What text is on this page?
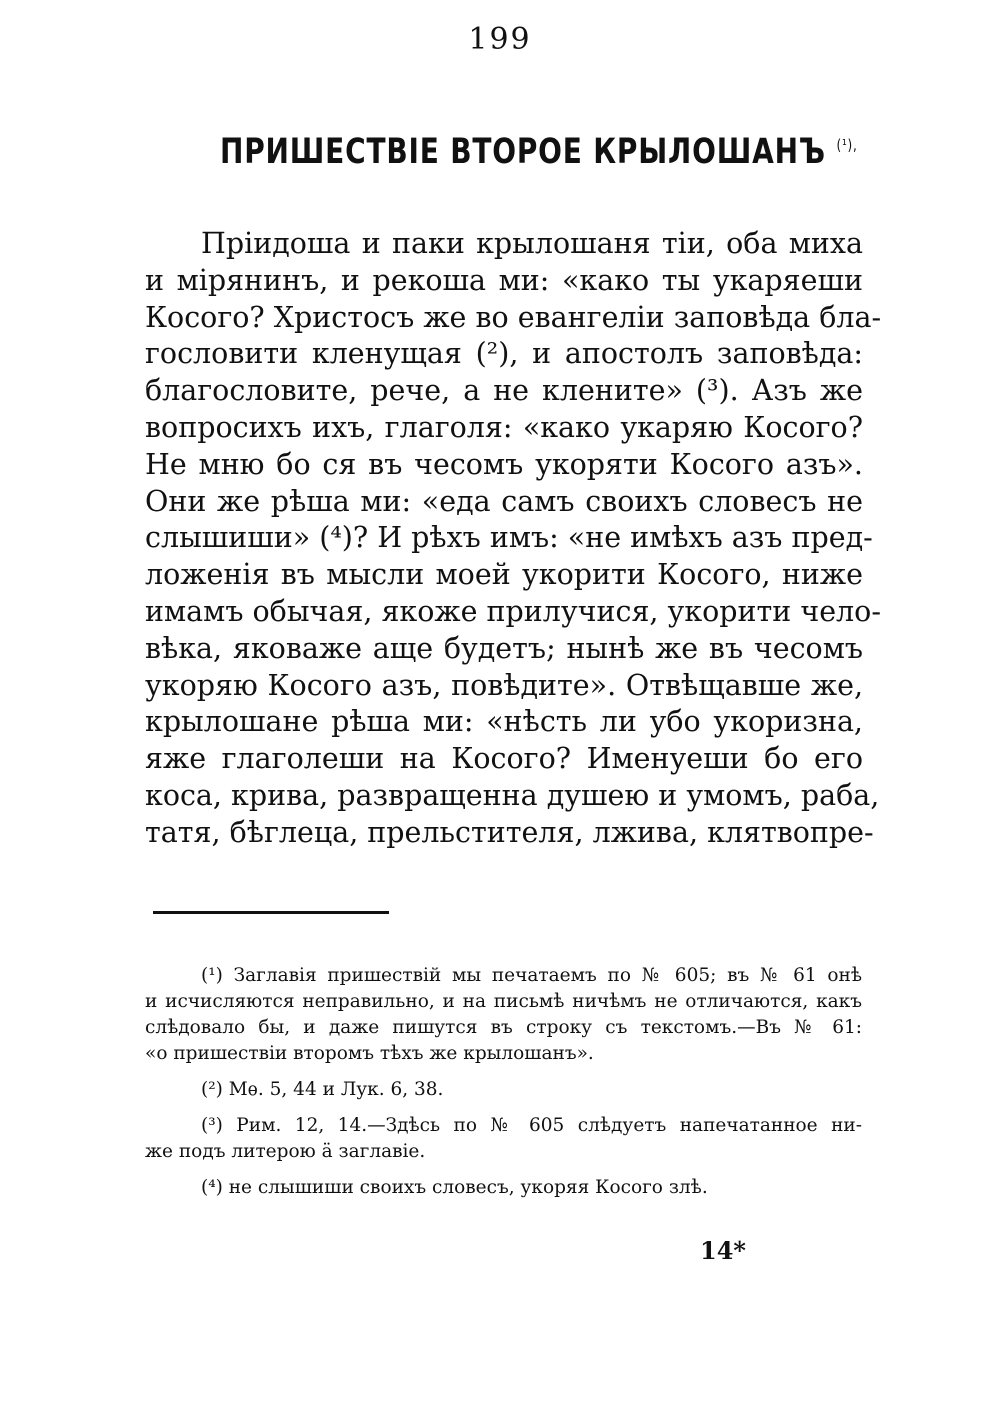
199
ПРИШЕСТВІЕ ВТОРОЕ КРЫЛОШАНЪ $^{(^1),}$
Пріидоша и паки крылошаня тіи, оба миха
и мірянинъ, и рекоша ми: «како ты укаряеши
Косого? Христосъ же во евангеліи заповѣда бла-
гословити кленущая (²), и апостолъ заповѣда:
благословите, рече, а не клените» (³). Азъ же
вопросихъ ихъ, глаголя: «како укаряю Косого?
Не мню бо ся въ чесомъ укоряти Косого азъ».
Они же рѣша ми: «еда самъ своихъ словесъ не
слышиши» (⁴)? И рѣхъ имъ: «не имѣхъ азъ пред-
ложенія въ мысли моей укорити Косого, ниже
имамъ обычая, якоже прилучися, укорити чело-
вѣка, яковаже аще будетъ; нынѣ же въ чесомъ
укоряю Косого азъ, повѣдите». Отвѣщавше же,
крылошане рѣша ми: «нѣсть ли убо укоризна,
яже глаголеши на Косого? Именуеши бо его
коса, крива, развращенна душею и умомъ, раба,
татя, бѣглеца, прельстителя, лжива, клятвопре-
(¹) Заглавія пришествій мы печатаемъ по № 605; въ № 61 онѣ
и исчисляются неправильно, и на письмѣ ничѣмъ не отличаются, какъ
слѣдовало бы, и даже пишутся въ строку съ текстомъ.—Въ № 61:
«о пришествіи второмъ тѣхъ же крылошанъ».
(²) Мѳ. 5, 44 и Лук. 6, 38.
(³) Рим. 12, 14.—Здѣсь по № 605 слѣдуетъ напечатанное ни-
же подъ литерою ӓ заглавіе.
(⁴) не слышиши своихъ словесъ, укоряя Косого злѣ.
14*
